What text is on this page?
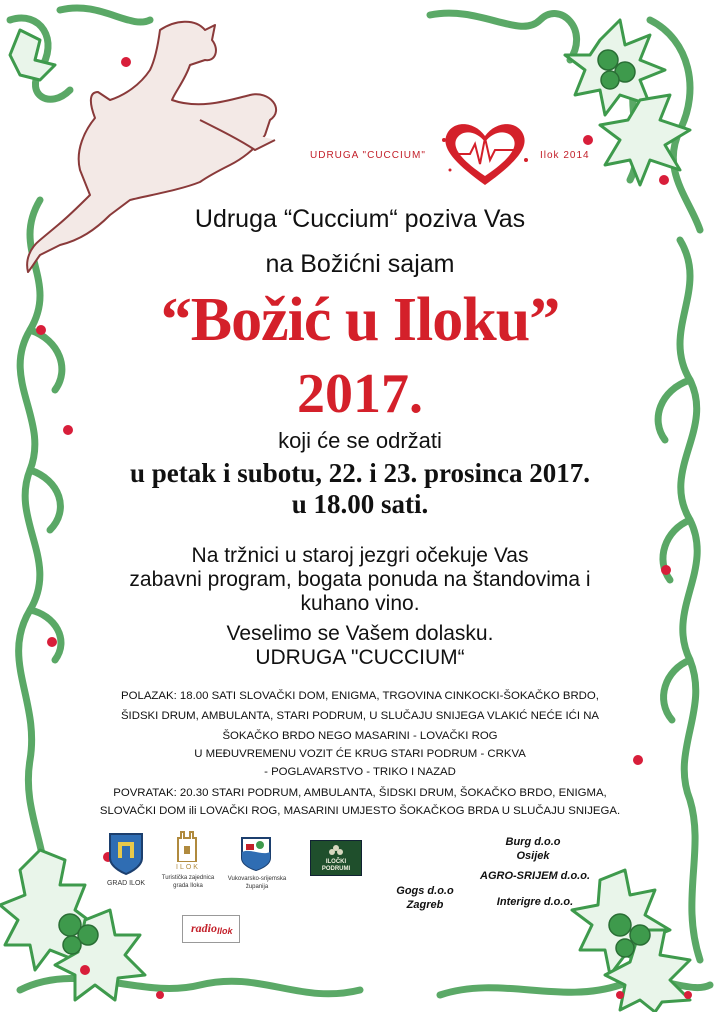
UDRUGA "CUCCIUM"	Ilok 2014
Udruga “Cuccium“ poziva Vas
na Božićni sajam
“Božić u Iloku”
2017.
koji će se održati
u petak i subotu, 22. i 23. prosinca 2017.
u 18.00 sati.
Na tržnici u staroj jezgri očekuje Vas
zabavni program, bogata ponuda na štandovima i
kuhano vino.
Veselimo se Vašem dolasku.
UDRUGA "CUCCIUM“
POLAZAK: 18.00 SATI SLOVAČKI DOM, ENIGMA, TRGOVINA CINKOCKI-ŠOKAČKO BRDO,
ŠIDSKI DRUM, AMBULANTA, STARI PODRUM, U SLUČAJU SNIJEGA VLAKIĆ NEĆE IĆI NA
ŠOKAČKO BRDO NEGO MASARINI - LOVAČKI ROG
U MEĐUVREMENU VOZIT ĆE KRUG STARI PODRUM - CRKVA
- POGLAVARSTVO - TRIKO I NAZAD
POVRATAK: 20.30 STARI PODRUM, AMBULANTA, ŠIDSKI DRUM, ŠOKAČKO BRDO, ENIGMA,
SLOVAČKI DOM ili LOVAČKI ROG, MASARINI UMJESTO ŠOKAČKOG BRDA U SLUČAJU SNIJEGA.
GRAD ILOK
ILOK
Turistička zajednica
grada Iloka
Vukovarsko-srijemska
županija
ILOČKI
PODRUMI
radio Ilok
Burg d.o.o
Osijek
AGRO-SRIJEM d.o.o.
Interigre d.o.o.
Gogs d.o.o
Zagreb
